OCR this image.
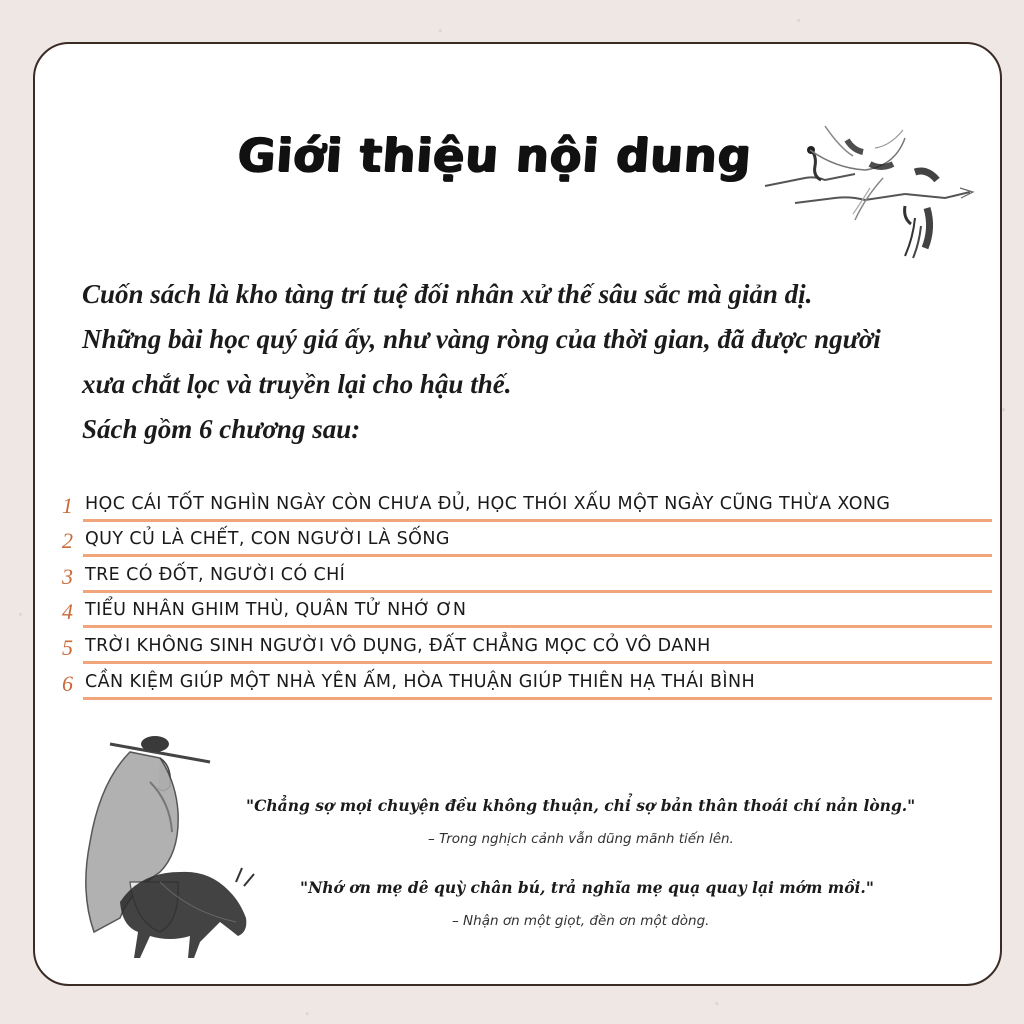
Giới thiệu nội dung

Cuốn sách là kho tàng trí tuệ đối nhân xử thế sâu sắc mà giản dị.

Những bài học quý giá ấy, như vàng ròng của thời gian, đã được người

xưa chắt lọc và truyền lại cho hậu thế.

Sách gồm 6 chương sau:

1 HỌC CÁI TỐT NGHÌN NGÀY CÒN CHƯA ĐỦ, HỌC THÓI XẤU MỘT NGÀY CŨNG THỪA XONG
2 QUY CỦ LÀ CHẾT, CON NGƯỜI LÀ SỐNG
3 TRE CÓ ĐỐT, NGƯỜI CÓ CHÍ
4 TIỂU NHÂN GHIM THÙ, QUÂN TỬ NHỚ ƠN
5 TRỜI KHÔNG SINH NGƯỜI VÔ DỤNG, ĐẤT CHẲNG MỌC CỎ VÔ DANH
6 CẦN KIỆM GIÚP MỘT NHÀ YÊN ẤM, HÒA THUẬN GIÚP THIÊN HẠ THÁI BÌNH
"Chẳng sợ mọi chuyện đều không thuận, chỉ sợ bản thân thoái chí nản lòng."
– Trong nghịch cảnh vẫn dũng mãnh tiến lên.
"Nhớ ơn mẹ dê quỳ chân bú, trả nghĩa mẹ quạ quay lại mớm mồi."
– Nhận ơn một giọt, đền ơn một dòng.
